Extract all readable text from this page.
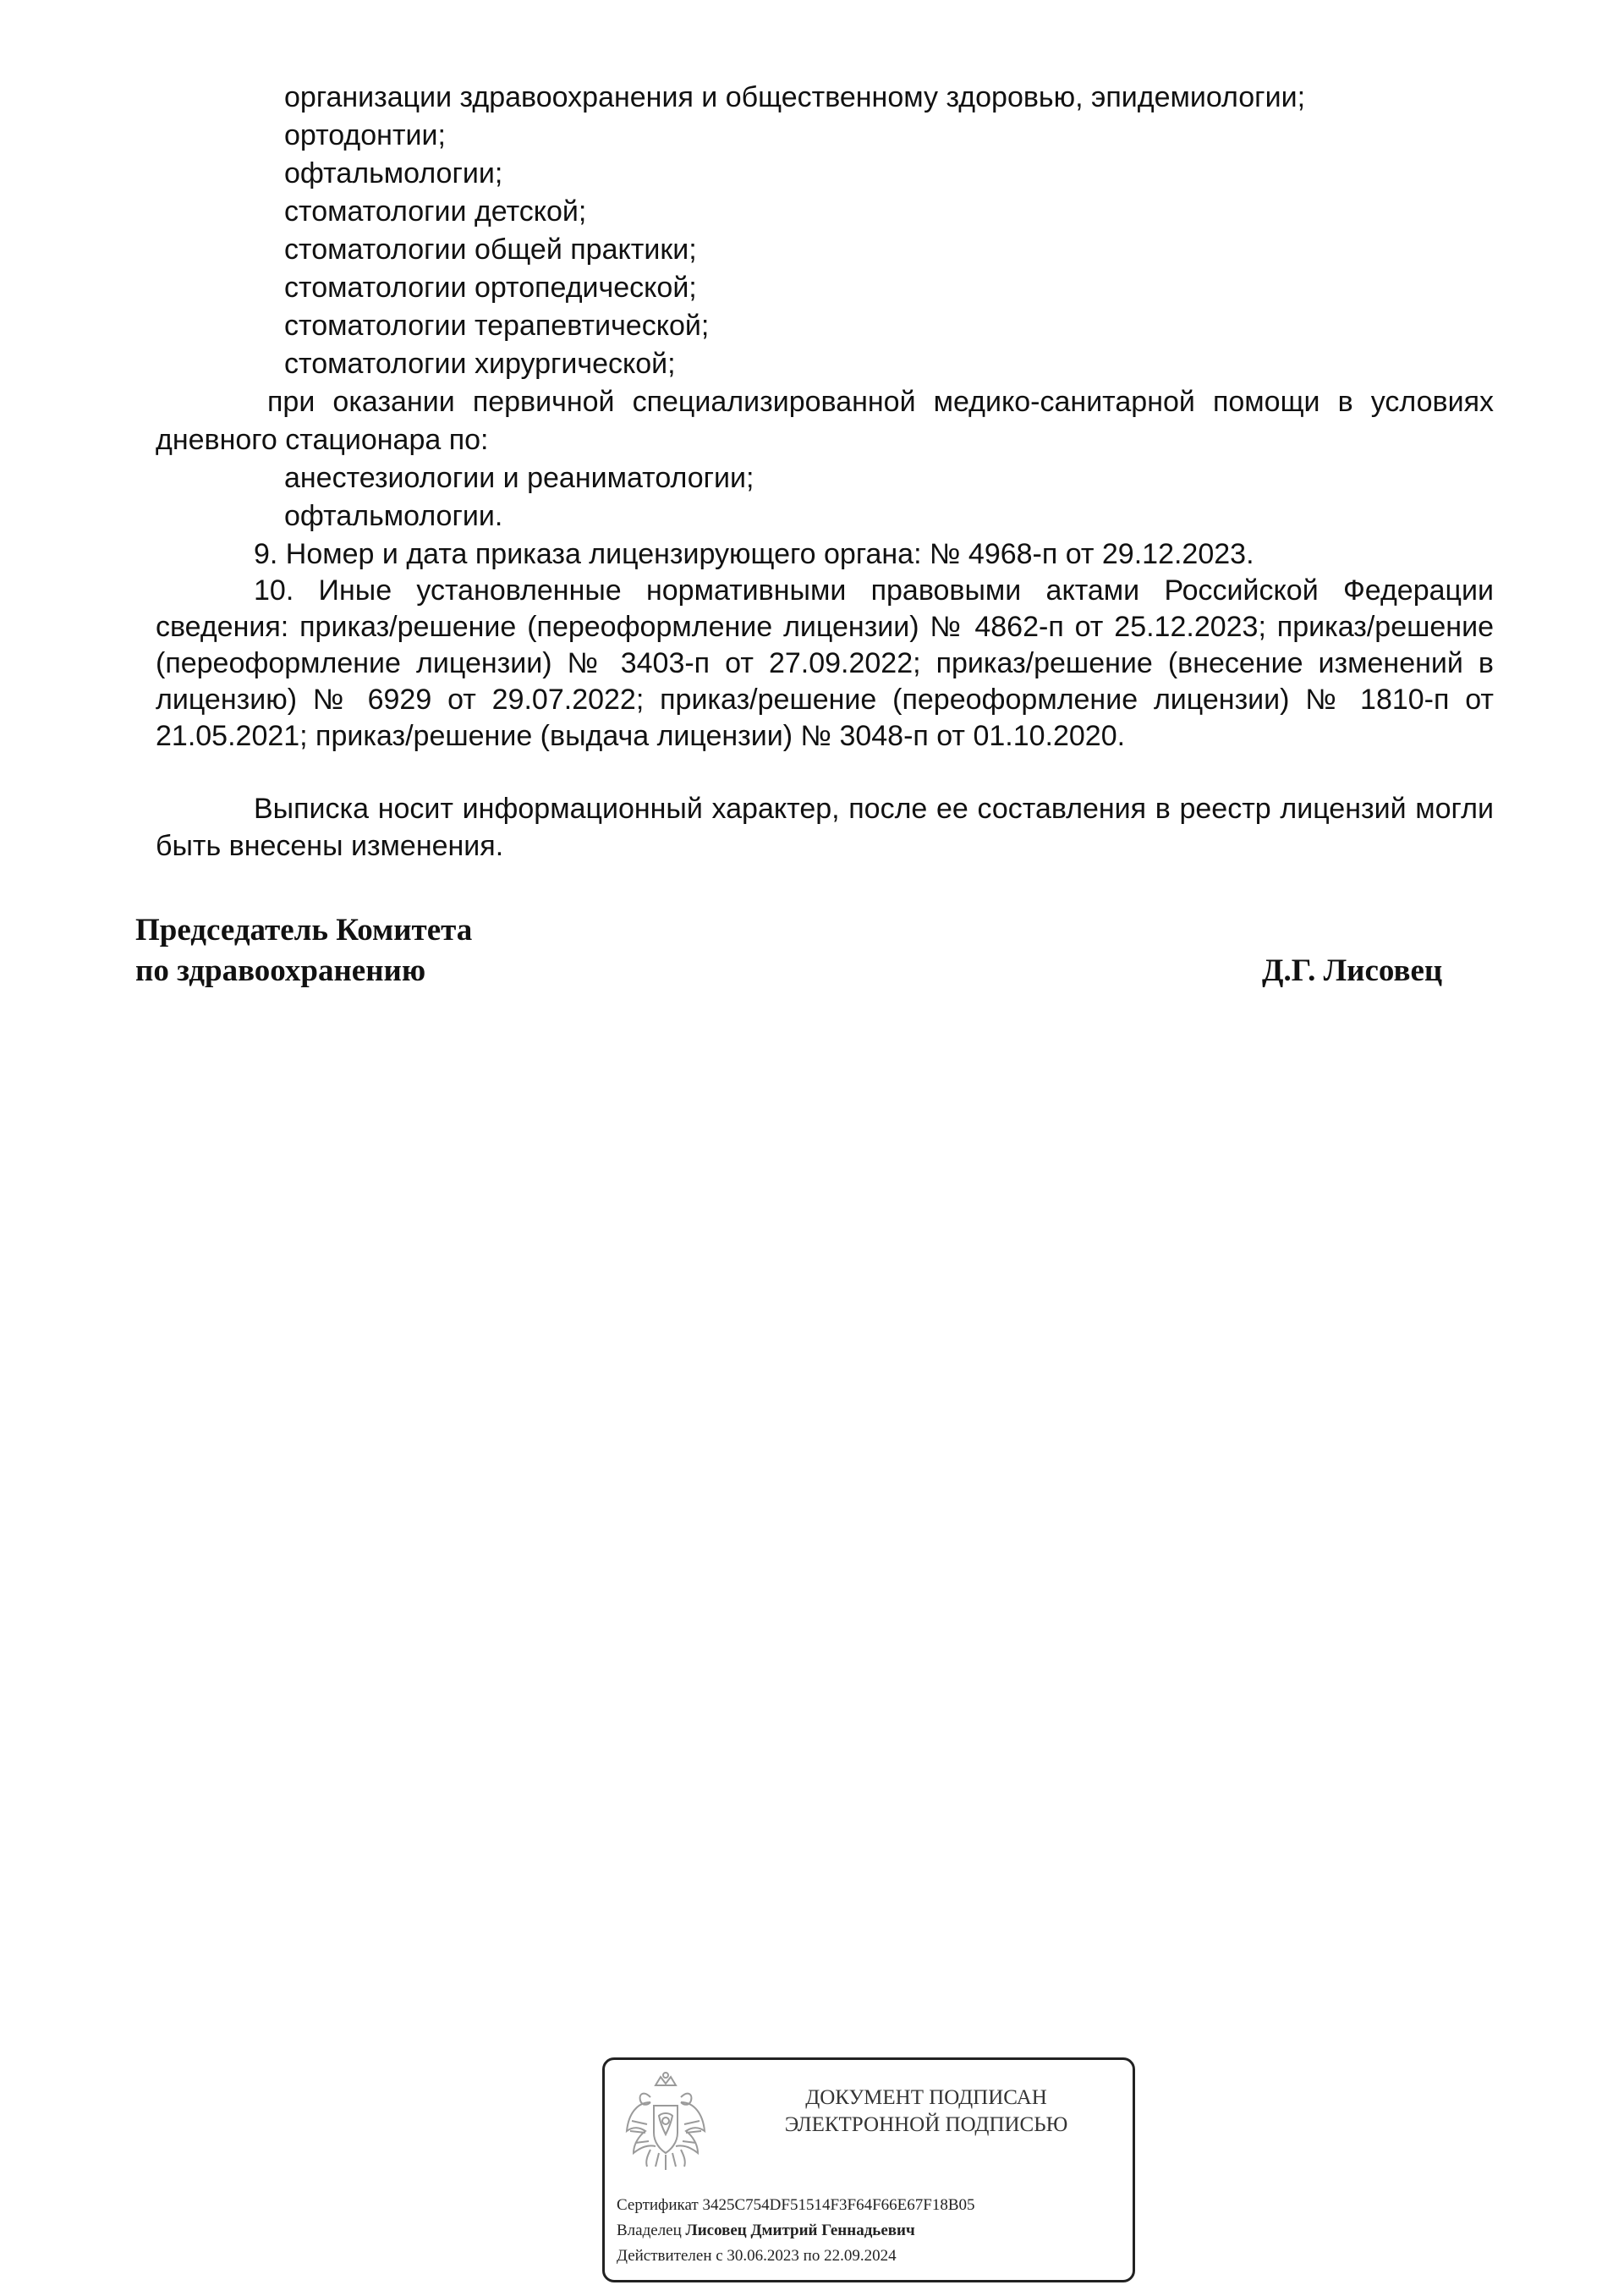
организации здравоохранения и общественному здоровью, эпидемиологии;
ортодонтии;
офтальмологии;
стоматологии детской;
стоматологии общей практики;
стоматологии ортопедической;
стоматологии терапевтической;
стоматологии хирургической;
при оказании первичной специализированной медико-санитарной помощи в условиях
дневного стационара по:
анестезиологии и реаниматологии;
офтальмологии.
9. Номер и дата приказа лицензирующего органа: № 4968-п от 29.12.2023.
10. Иные установленные нормативными правовыми актами Российской Федерации сведения: приказ/решение (переоформление лицензии) № 4862-п от 25.12.2023; приказ/решение (переоформление лицензии) № 3403-п от 27.09.2022; приказ/решение (внесение изменений в лицензию) № 6929 от 29.07.2022; приказ/решение (переоформление лицензии) № 1810-п от 21.05.2021; приказ/решение (выдача лицензии) № 3048-п от 01.10.2020.
Выписка носит информационный характер, после ее составления в реестр лицензий могли быть внесены изменения.
Председатель Комитета
по здравоохранению	Д.Г. Лисовец
ДОКУМЕНТ ПОДПИСАН
ЭЛЕКТРОННОЙ ПОДПИСЬЮ
Сертификат 3425C754DF51514F3F64F66E67F18B05
Владелец Лисовец Дмитрий Геннадьевич
Действителен с 30.06.2023 по 22.09.2024
